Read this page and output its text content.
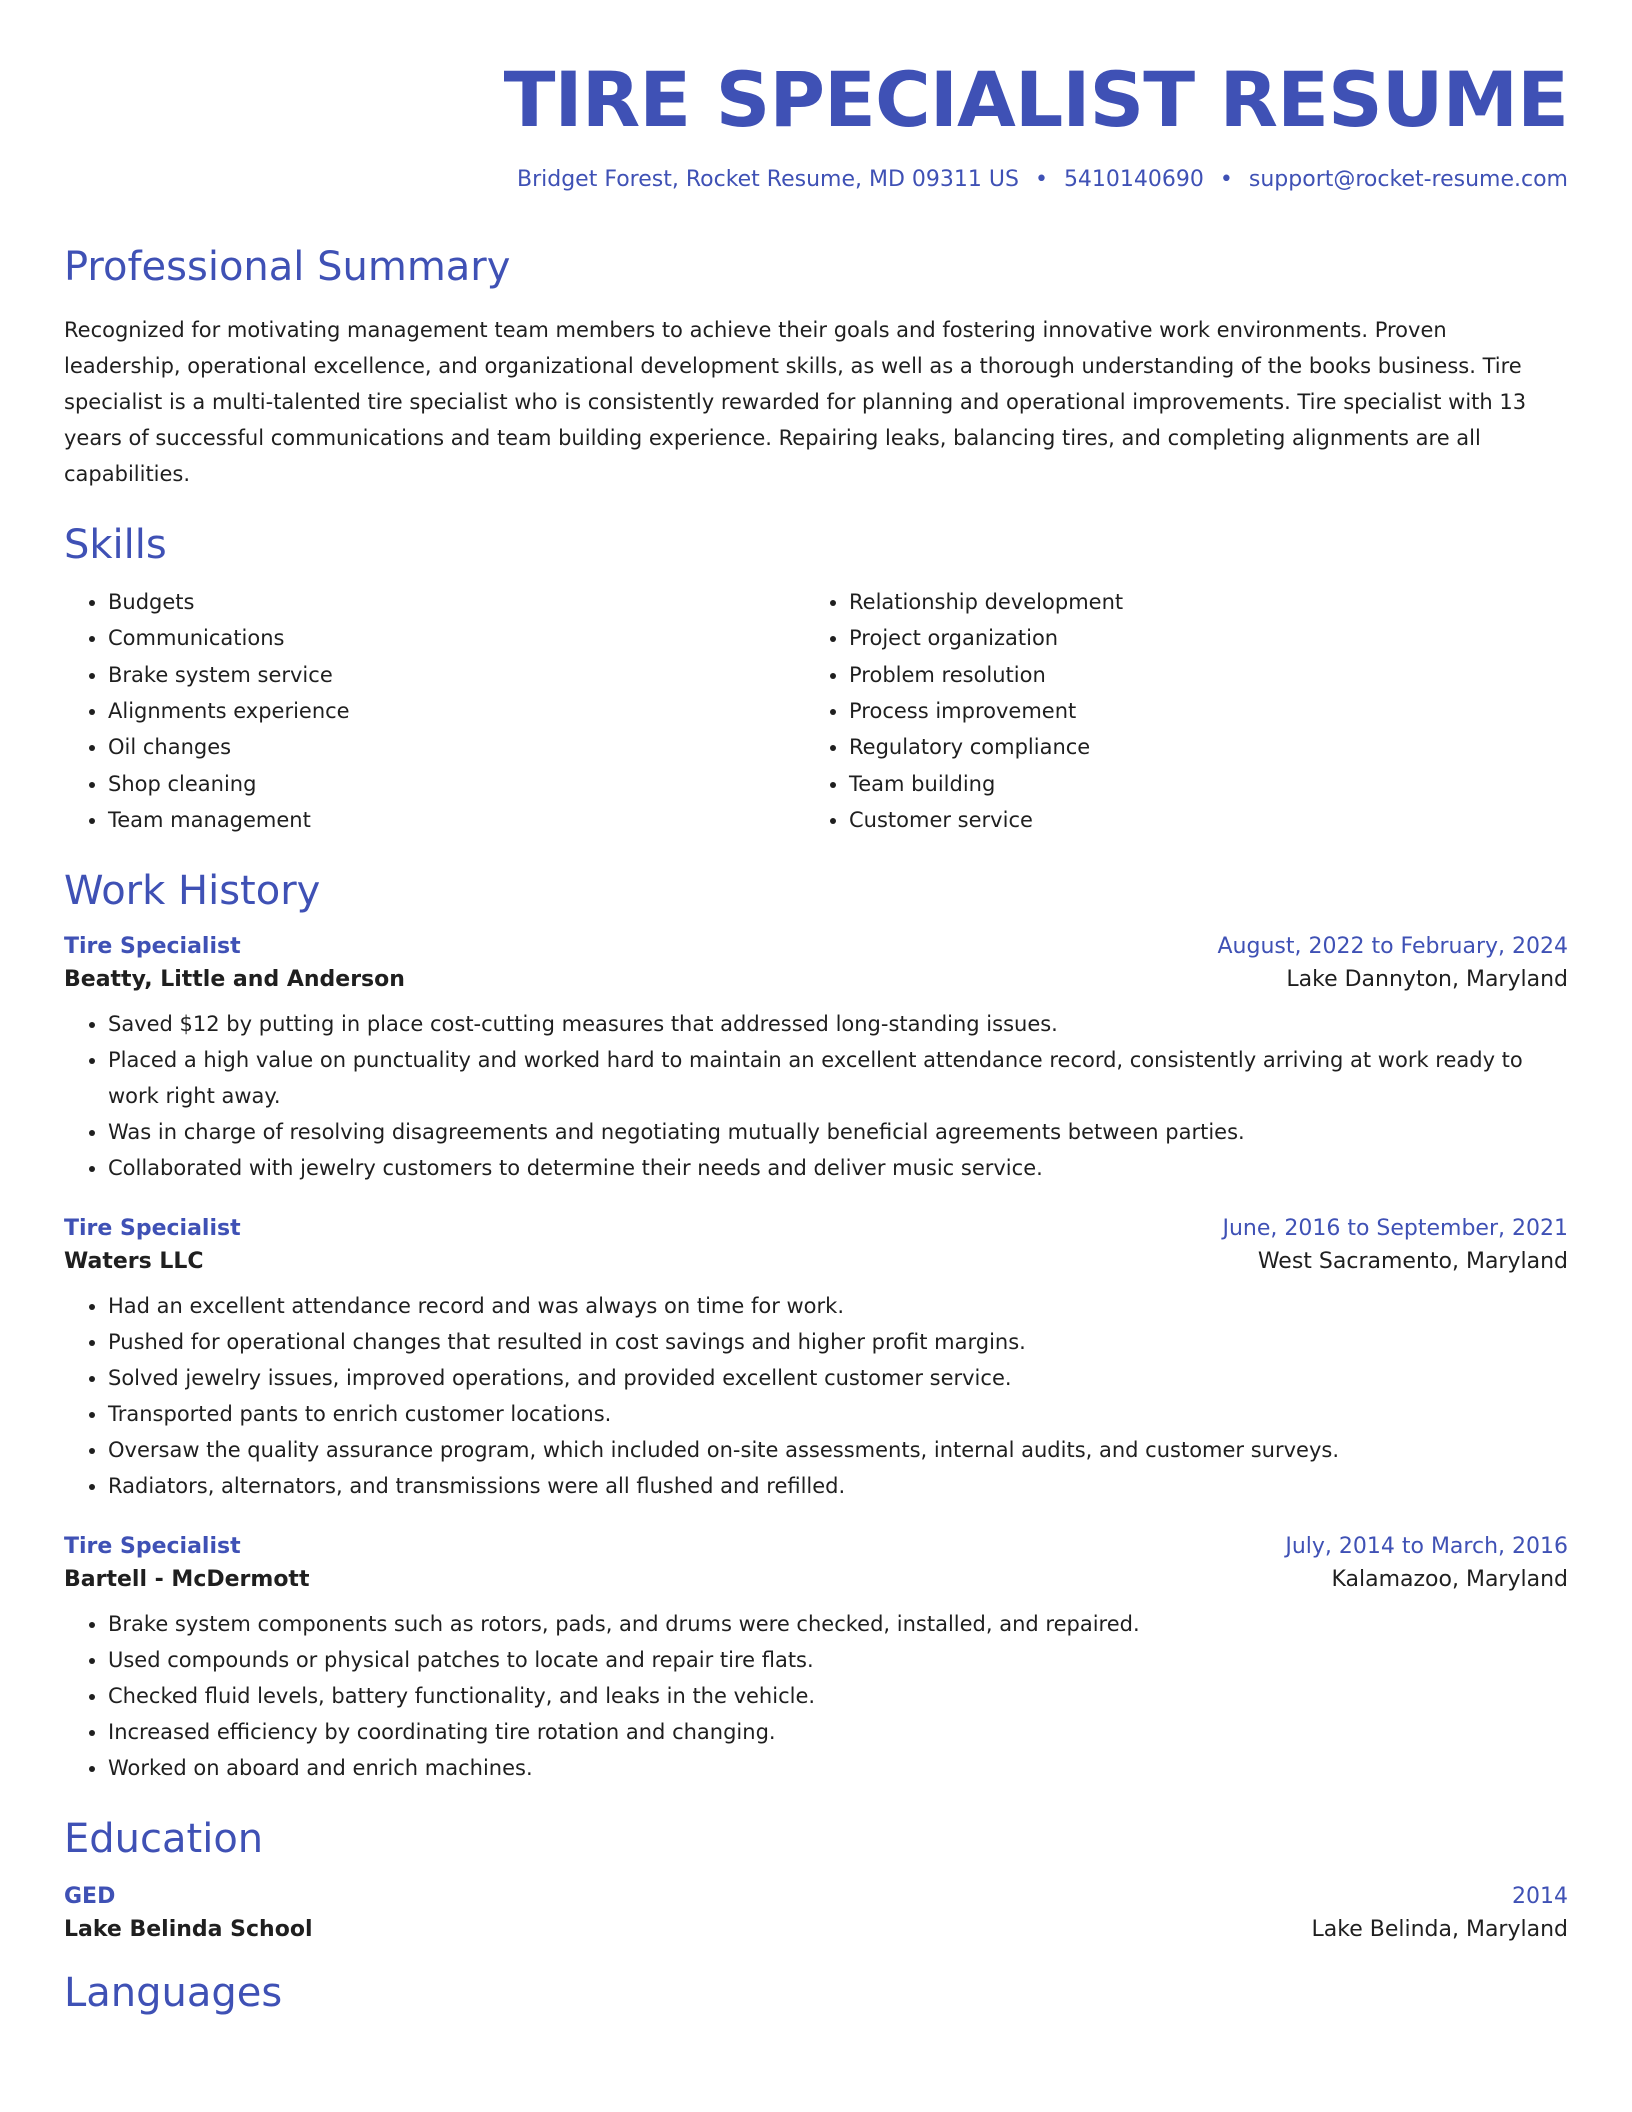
TIRE SPECIALIST RESUME
Bridget Forest, Rocket Resume, MD 09311 US • 5410140690 • support@rocket-resume.com
Professional Summary
Recognized for motivating management team members to achieve their goals and fostering innovative work environments. Proven leadership, operational excellence, and organizational development skills, as well as a thorough understanding of the books business. Tire specialist is a multi-talented tire specialist who is consistently rewarded for planning and operational improvements. Tire specialist with 13 years of successful communications and team building experience. Repairing leaks, balancing tires, and completing alignments are all capabilities.
Skills
• Budgets
• Communications
• Brake system service
• Alignments experience
• Oil changes
• Shop cleaning
• Team management
• Relationship development
• Project organization
• Problem resolution
• Process improvement
• Regulatory compliance
• Team building
• Customer service
Work History
Tire Specialist	August, 2022 to February, 2024
Beatty, Little and Anderson	Lake Dannyton, Maryland
• Saved $12 by putting in place cost-cutting measures that addressed long-standing issues.
• Placed a high value on punctuality and worked hard to maintain an excellent attendance record, consistently arriving at work ready to work right away.
• Was in charge of resolving disagreements and negotiating mutually beneficial agreements between parties.
• Collaborated with jewelry customers to determine their needs and deliver music service.
Tire Specialist	June, 2016 to September, 2021
Waters LLC	West Sacramento, Maryland
• Had an excellent attendance record and was always on time for work.
• Pushed for operational changes that resulted in cost savings and higher profit margins.
• Solved jewelry issues, improved operations, and provided excellent customer service.
• Transported pants to enrich customer locations.
• Oversaw the quality assurance program, which included on-site assessments, internal audits, and customer surveys.
• Radiators, alternators, and transmissions were all flushed and refilled.
Tire Specialist	July, 2014 to March, 2016
Bartell - McDermott	Kalamazoo, Maryland
• Brake system components such as rotors, pads, and drums were checked, installed, and repaired.
• Used compounds or physical patches to locate and repair tire flats.
• Checked fluid levels, battery functionality, and leaks in the vehicle.
• Increased efficiency by coordinating tire rotation and changing.
• Worked on aboard and enrich machines.
Education
GED	2014
Lake Belinda School	Lake Belinda, Maryland
Languages
